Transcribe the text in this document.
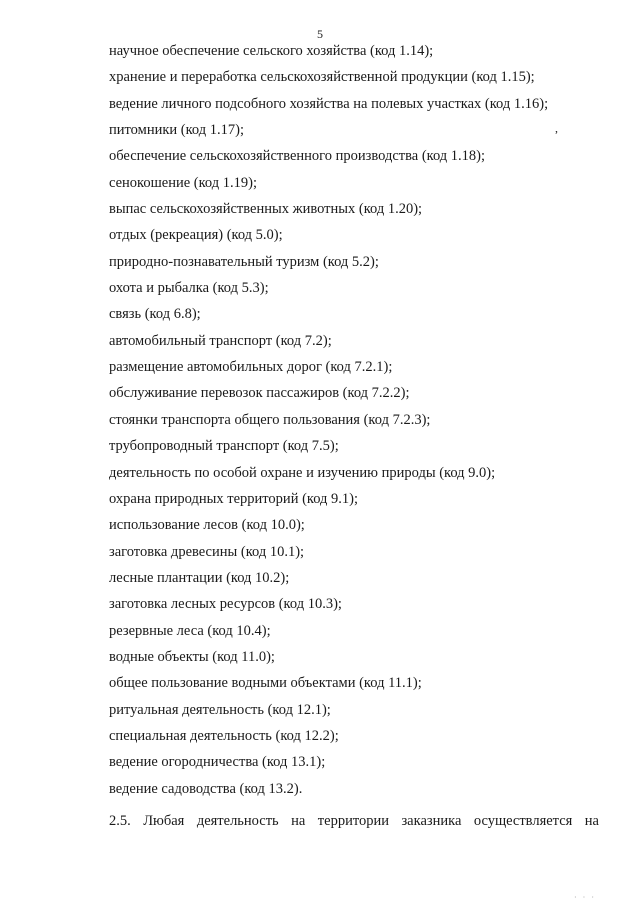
5
,
научное обеспечение сельского хозяйства (код 1.14);
хранение и переработка сельскохозяйственной продукции (код 1.15);
ведение личного подсобного хозяйства на полевых участках (код 1.16);
питомники (код 1.17);
обеспечение сельскохозяйственного производства (код 1.18);
сенокошение (код 1.19);
выпас сельскохозяйственных животных (код 1.20);
отдых (рекреация) (код 5.0);
природно-познавательный туризм (код 5.2);
охота и рыбалка (код 5.3);
связь (код 6.8);
автомобильный транспорт (код 7.2);
размещение автомобильных дорог (код 7.2.1);
обслуживание перевозок пассажиров (код 7.2.2);
стоянки транспорта общего пользования (код 7.2.3);
трубопроводный транспорт (код 7.5);
деятельность по особой охране и изучению природы (код 9.0);
охрана природных территорий (код 9.1);
использование лесов (код 10.0);
заготовка древесины (код 10.1);
лесные плантации (код 10.2);
заготовка лесных ресурсов (код 10.3);
резервные леса (код 10.4);
водные объекты (код 11.0);
общее пользование водными объектами (код 11.1);
ритуальная деятельность (код 12.1);
специальная деятельность (код 12.2);
ведение огородничества (код 13.1);
ведение садоводства (код 13.2).
2.5. Любая деятельность на территории заказника осуществляется на
· · ·
